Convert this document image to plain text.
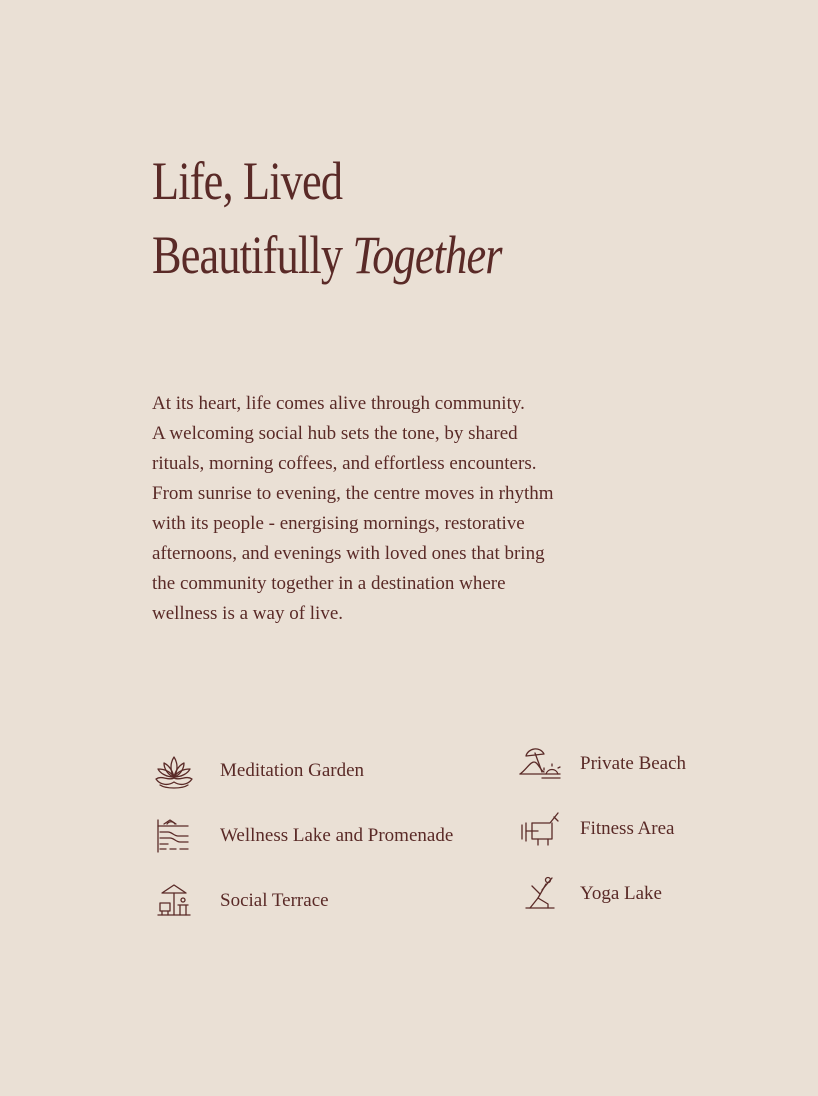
Life, Lived
Beautifully Together
At its heart, life comes alive through community.
A welcoming social hub sets the tone, by shared
rituals, morning coffees, and effortless encounters.
From sunrise to evening, the centre moves in rhythm
with its people - energising mornings, restorative
afternoons, and evenings with loved ones that bring
the community together in a destination where
wellness is a way of live.
Meditation Garden
Wellness Lake and Promenade
Social Terrace
Private Beach
Fitness Area
Yoga Lake
